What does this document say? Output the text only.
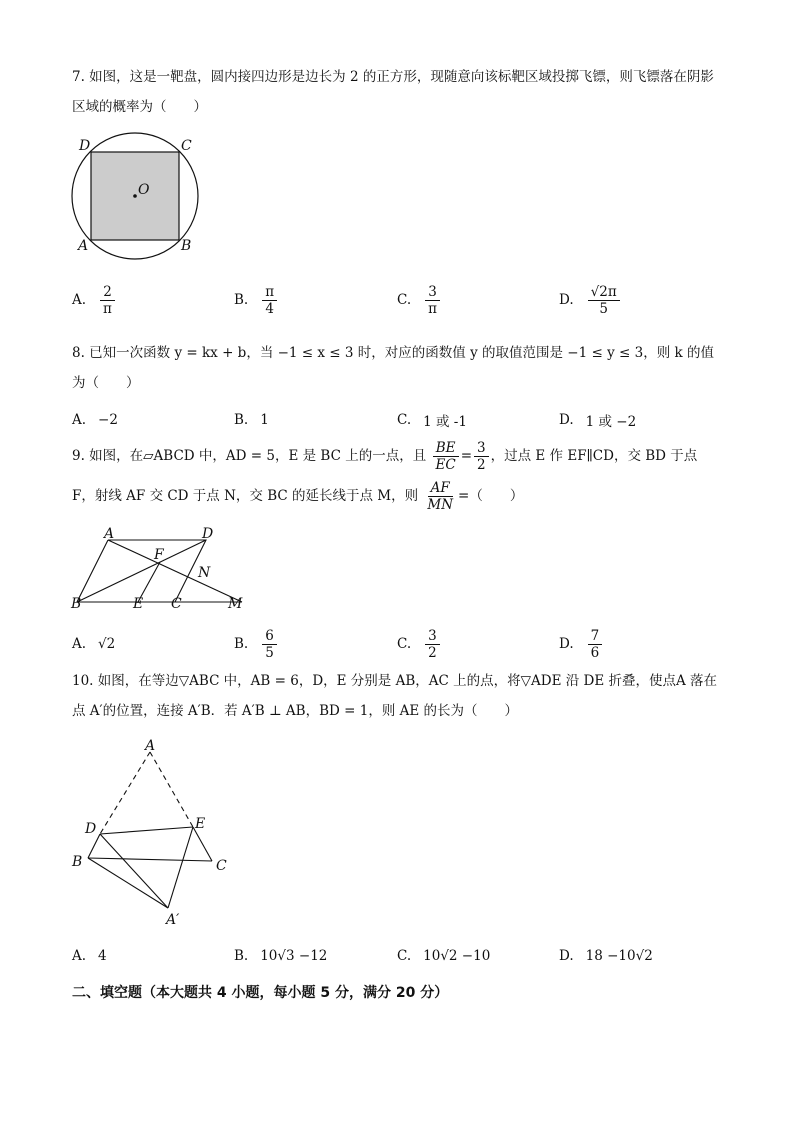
7. 如图，这是一靶盘，圆内接四边形是边长为 2 的正方形，现随意向该标靶区域投掷飞镖，则飞镖落在阴影区域的概率为（　　）
D	C
A	B
O
A. $\frac{2}{\pi}$	B. $\frac{\pi}{4}$	C. $\frac{3}{\pi}$	D. $\frac{√2\pi}{5}$
8. 已知一次函数 y = kx + b，当 −1 ≤ x ≤ 3 时，对应的函数值 y 的取值范围是 −1 ≤ y ≤ 3，则 k 的值为（　　）
A. −2	B. 1	C. 1 或 -1	D. 1 或 −2
9. 如图，在▱ABCD 中，AD = 5，E 是 BC 上的一点，且 $\frac{BE}{EC} = \frac{3}{2}$ ，过点 E 作 EF∥CD，交 BD 于点
F，射线 AF 交 CD 于点 N，交 BC 的延长线于点 M，则 $\frac{AF}{MN}$ =（　　）
A	D
F
N
B	E C	M
A. √2	B. $\frac{6}{5}$	C. $\frac{3}{2}$	D. $\frac{7}{6}$
10. 如图，在等边▽ABC 中，AB = 6，D，E 分别是 AB，AC 上的点，将▽ADE 沿 DE 折叠，使点A 落在点 A′的位置，连接 A′B．若 A′B ⊥ AB，BD = 1，则 AE 的长为（　　）
A
D	E
B	C
A′
A. 4	B. 10√3 −12	C. 10√2 −10	D. 18 −10√2
二、填空题（本大题共 4 小题，每小题 5 分，满分 20 分）
